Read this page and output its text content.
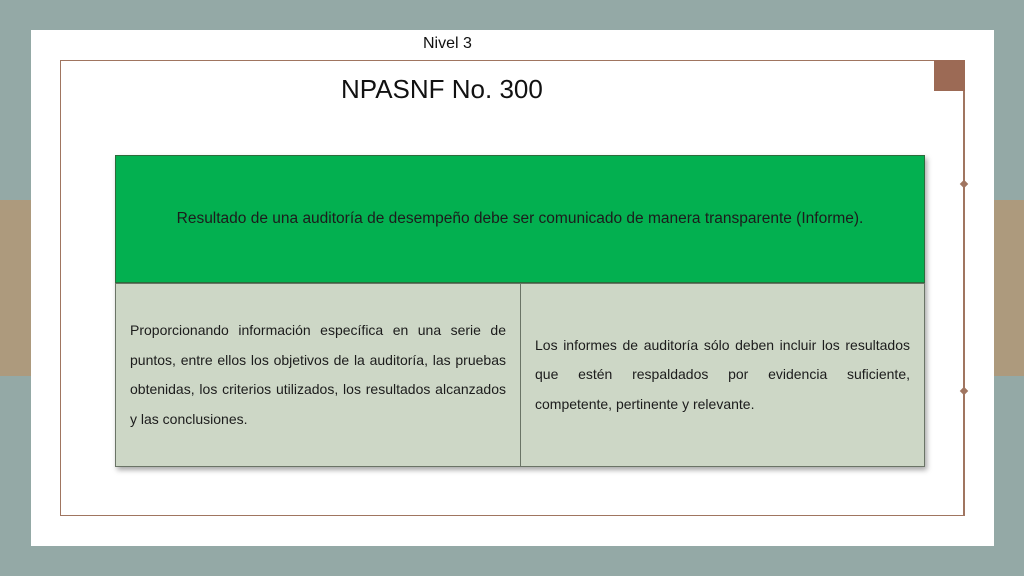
Nivel 3
NPASNF No. 300
Resultado de una auditoría de desempeño debe ser comunicado de manera transparente (Informe).

Proporcionando información específica en una serie de puntos, entre ellos los objetivos de la auditoría, las pruebas obtenidas, los criterios utilizados, los resultados alcanzados y las conclusiones.

Los informes de auditoría sólo deben incluir los resultados que estén respaldados por evidencia suficiente, competente, pertinente y relevante.
